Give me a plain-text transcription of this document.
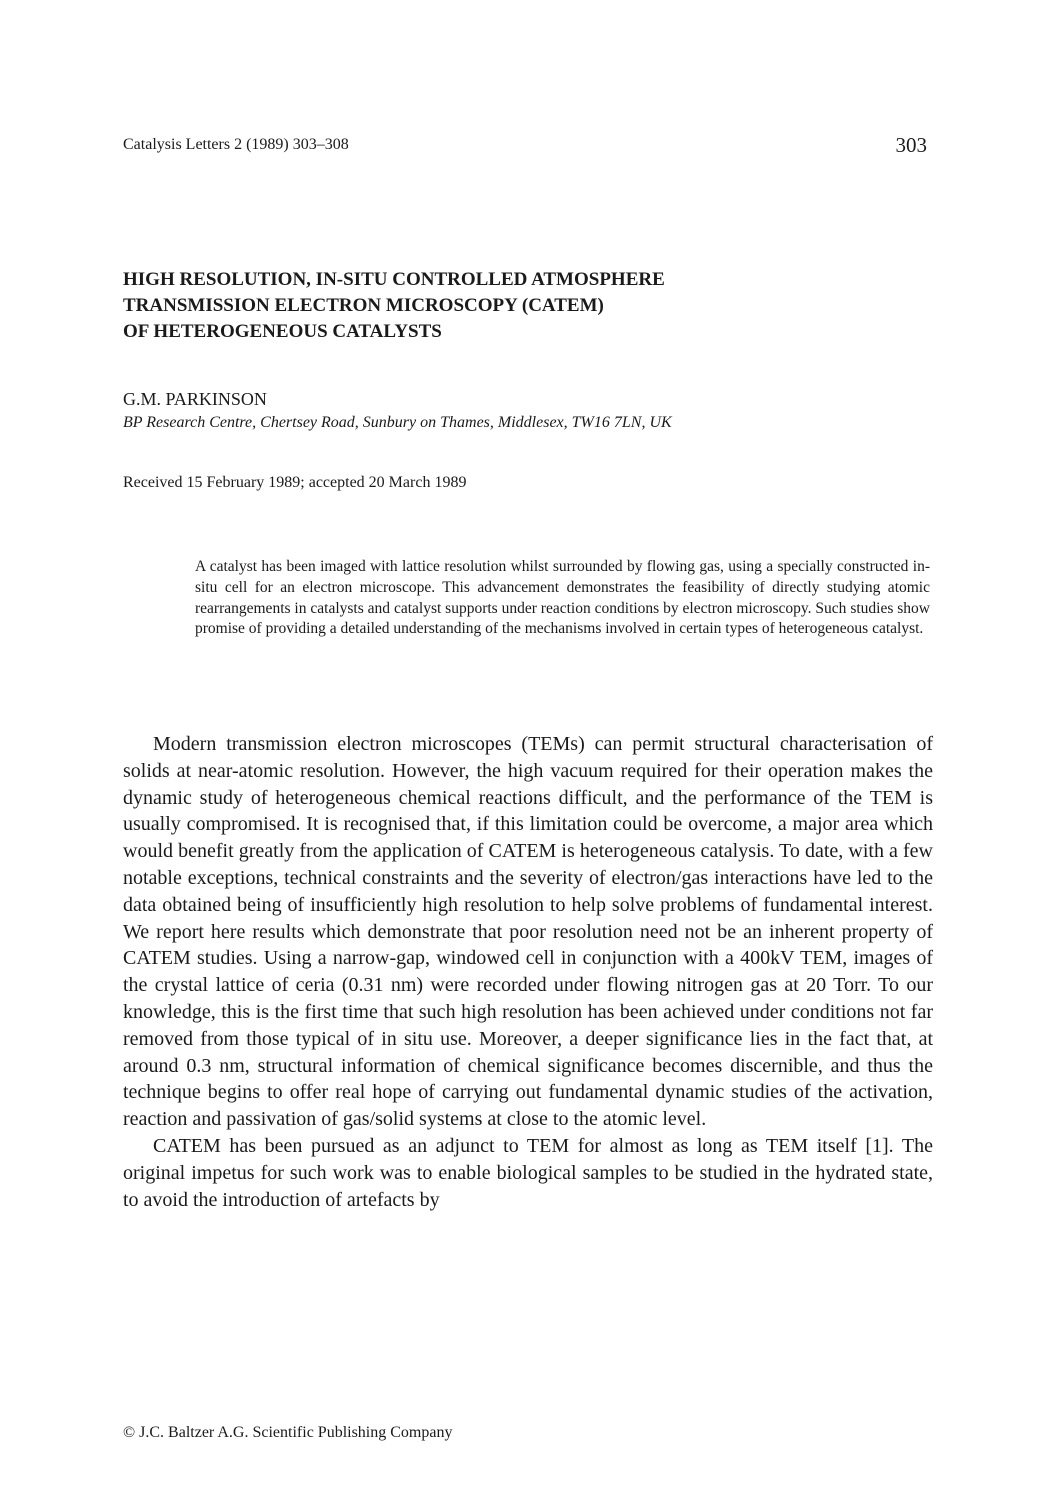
Catalysis Letters 2 (1989) 303–308	303
HIGH RESOLUTION, IN-SITU CONTROLLED ATMOSPHERE
TRANSMISSION ELECTRON MICROSCOPY (CATEM)
OF HETEROGENEOUS CATALYSTS
G.M. PARKINSON
BP Research Centre, Chertsey Road, Sunbury on Thames, Middlesex, TW16 7LN, UK
Received 15 February 1989; accepted 20 March 1989

A catalyst has been imaged with lattice resolution whilst surrounded by flowing gas, using a specially constructed in-situ cell for an electron microscope. This advancement demonstrates the feasibility of directly studying atomic rearrangements in catalysts and catalyst supports under reaction conditions by electron microscopy. Such studies show promise of providing a detailed understanding of the mechanisms involved in certain types of heterogeneous catalyst.

Modern transmission electron microscopes (TEMs) can permit structural characterisation of solids at near-atomic resolution. However, the high vacuum required for their operation makes the dynamic study of heterogeneous chemical reactions difficult, and the performance of the TEM is usually compromised. It is recognised that, if this limitation could be overcome, a major area which would benefit greatly from the application of CATEM is heterogeneous catalysis. To date, with a few notable exceptions, technical constraints and the severity of electron/gas interactions have led to the data obtained being of insufficiently high resolution to help solve problems of fundamental interest. We report here results which demonstrate that poor resolution need not be an inherent property of CATEM studies. Using a narrow-gap, windowed cell in conjunction with a 400kV TEM, images of the crystal lattice of ceria (0.31 nm) were recorded under flowing nitrogen gas at 20 Torr. To our knowledge, this is the first time that such high resolution has been achieved under conditions not far removed from those typical of in situ use. Moreover, a deeper significance lies in the fact that, at around 0.3 nm, structural information of chemical significance becomes discernible, and thus the technique begins to offer real hope of carrying out fundamental dynamic studies of the activation, reaction and passivation of gas/solid systems at close to the atomic level.

CATEM has been pursued as an adjunct to TEM for almost as long as TEM itself [1]. The original impetus for such work was to enable biological samples to be studied in the hydrated state, to avoid the introduction of artefacts by

© J.C. Baltzer A.G. Scientific Publishing Company
